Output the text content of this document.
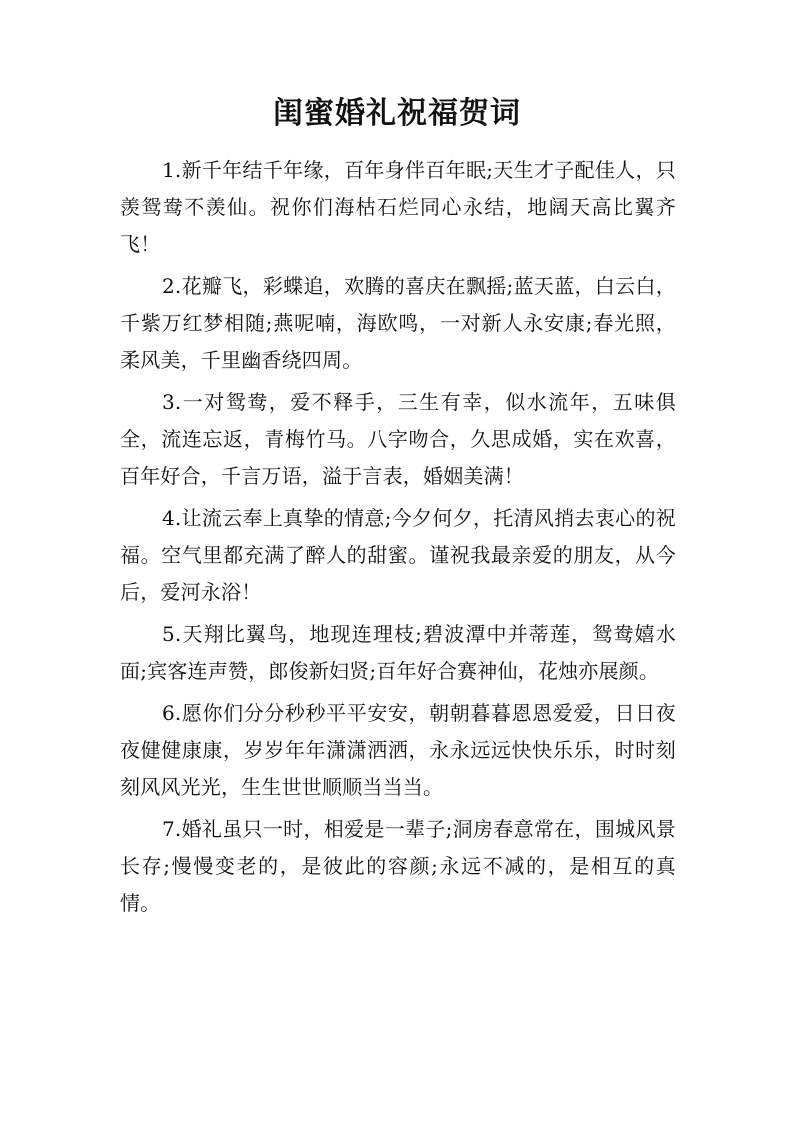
闺蜜婚礼祝福贺词

1.新千年结千年缘，百年身伴百年眠;天生才子配佳人，只羡鸳鸯不羡仙。祝你们海枯石烂同心永结，地阔天高比翼齐飞！

2.花瓣飞，彩蝶追，欢腾的喜庆在飘摇;蓝天蓝，白云白，千紫万红梦相随;燕呢喃，海欧鸣，一对新人永安康;春光照，柔风美，千里幽香绕四周。

3.一对鸳鸯，爱不释手，三生有幸，似水流年，五味俱全，流连忘返，青梅竹马。八字吻合，久思成婚，实在欢喜，百年好合，千言万语，溢于言表，婚姻美满！

4.让流云奉上真挚的情意;今夕何夕，托清风捎去衷心的祝福。空气里都充满了醉人的甜蜜。谨祝我最亲爱的朋友，从今后，爱河永浴！

5.天翔比翼鸟，地现连理枝;碧波潭中并蒂莲，鸳鸯嬉水面;宾客连声赞，郎俊新妇贤;百年好合赛神仙，花烛亦展颜。

6.愿你们分分秒秒平平安安，朝朝暮暮恩恩爱爱，日日夜夜健健康康，岁岁年年潇潇洒洒，永永远远快快乐乐，时时刻刻风风光光，生生世世顺顺当当当。

7.婚礼虽只一时，相爱是一辈子;洞房春意常在，围城风景长存;慢慢变老的，是彼此的容颜;永远不减的，是相互的真情。
